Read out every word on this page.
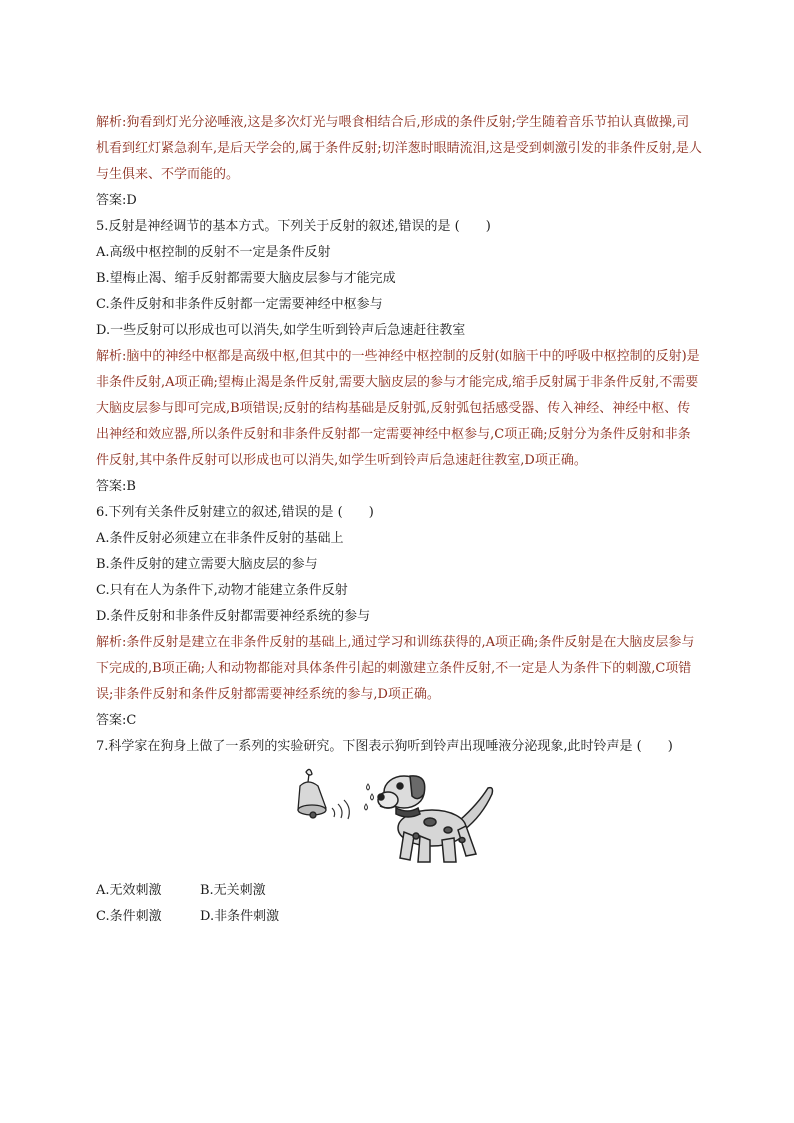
解析:狗看到灯光分泌唾液,这是多次灯光与喂食相结合后,形成的条件反射;学生随着音乐节拍认真做操,司机看到红灯紧急刹车,是后天学会的,属于条件反射;切洋葱时眼睛流泪,这是受到刺激引发的非条件反射,是人与生俱来、不学而能的。

答案:D

5.反射是神经调节的基本方式。下列关于反射的叙述,错误的是 (　　)

A.高级中枢控制的反射不一定是条件反射

B.望梅止渴、缩手反射都需要大脑皮层参与才能完成

C.条件反射和非条件反射都一定需要神经中枢参与

D.一些反射可以形成也可以消失,如学生听到铃声后急速赶往教室

解析:脑中的神经中枢都是高级中枢,但其中的一些神经中枢控制的反射(如脑干中的呼吸中枢控制的反射)是非条件反射,A项正确;望梅止渴是条件反射,需要大脑皮层的参与才能完成,缩手反射属于非条件反射,不需要大脑皮层参与即可完成,B项错误;反射的结构基础是反射弧,反射弧包括感受器、传入神经、神经中枢、传出神经和效应器,所以条件反射和非条件反射都一定需要神经中枢参与,C项正确;反射分为条件反射和非条件反射,其中条件反射可以形成也可以消失,如学生听到铃声后急速赶往教室,D项正确。

答案:B

6.下列有关条件反射建立的叙述,错误的是 (　　)

A.条件反射必须建立在非条件反射的基础上

B.条件反射的建立需要大脑皮层的参与

C.只有在人为条件下,动物才能建立条件反射

D.条件反射和非条件反射都需要神经系统的参与

解析:条件反射是建立在非条件反射的基础上,通过学习和训练获得的,A项正确;条件反射是在大脑皮层参与下完成的,B项正确;人和动物都能对具体条件引起的刺激建立条件反射,不一定是人为条件下的刺激,C项错误;非条件反射和条件反射都需要神经系统的参与,D项正确。

答案:C

7.科学家在狗身上做了一系列的实验研究。下图表示狗听到铃声出现唾液分泌现象,此时铃声是 (　　)

A.无效刺激	B.无关刺激

C.条件刺激	D.非条件刺激
